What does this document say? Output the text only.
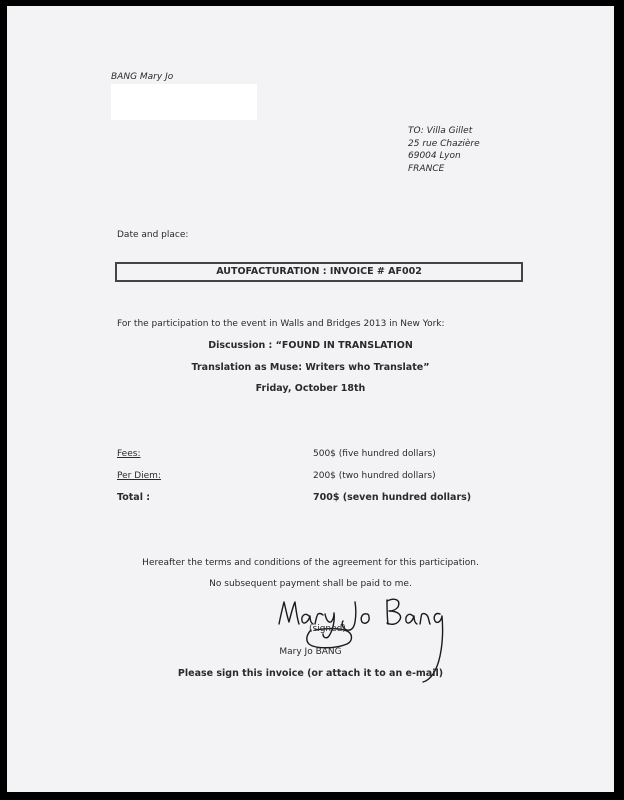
BANG Mary Jo
TO: Villa Gillet
25 rue Chazière
69004 Lyon
FRANCE
Date and place:
AUTOFACTURATION : INVOICE # AF002
For the participation to the event in Walls and Bridges 2013 in New York:
Discussion : “FOUND IN TRANSLATION
Translation as Muse: Writers who Translate”
Friday, October 18th
Fees:	500$ (five hundred dollars)
Per Diem:	200$ (two hundred dollars)
Total :	700$ (seven hundred dollars)
Hereafter the terms and conditions of the agreement for this participation.
No subsequent payment shall be paid to me.
(signed)
Mary Jo BANG
Please sign this invoice (or attach it to an e-mail)
